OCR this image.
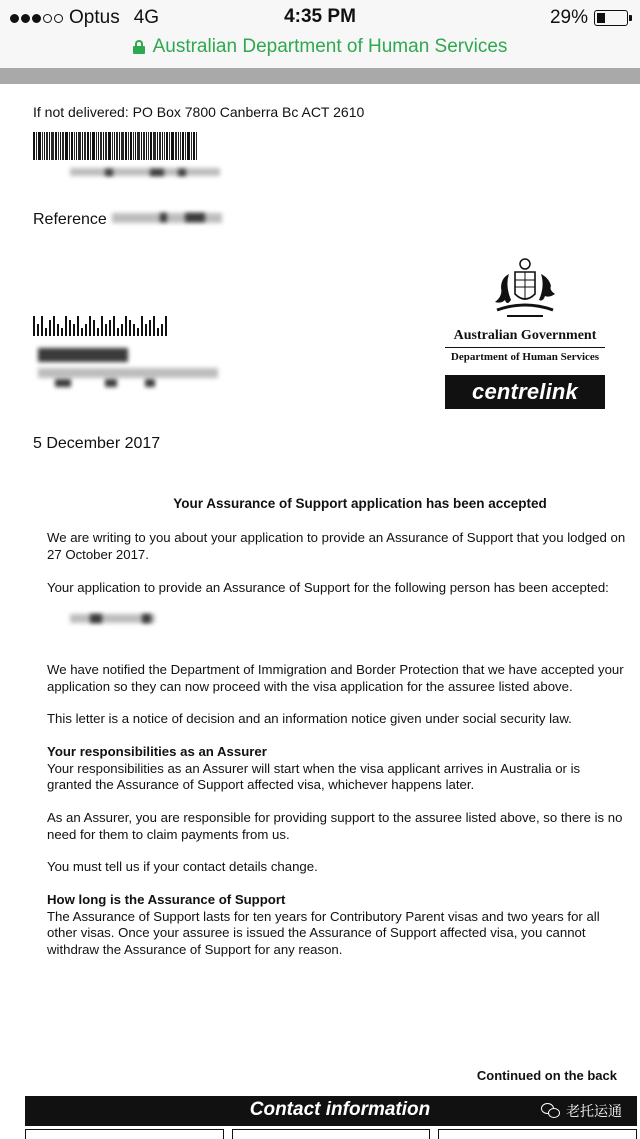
Optus 4G	4:35 PM	29%
Australian Department of Human Services
If not delivered: PO Box 7800 Canberra Bc ACT 2610
Reference
Australian Government
Department of Human Services
centrelink
5 December 2017
Your Assurance of Support application has been accepted
We are writing to you about your application to provide an Assurance of Support that you lodged on 27 October 2017.
Your application to provide an Assurance of Support for the following person has been accepted:
We have notified the Department of Immigration and Border Protection that we have accepted your application so they can now proceed with the visa application for the assuree listed above.
This letter is a notice of decision and an information notice given under social security law.
Your responsibilities as an Assurer
Your responsibilities as an Assurer will start when the visa applicant arrives in Australia or is granted the Assurance of Support affected visa, whichever happens later.
As an Assurer, you are responsible for providing support to the assuree listed above, so there is no need for them to claim payments from us.
You must tell us if your contact details change.
How long is the Assurance of Support
The Assurance of Support lasts for ten years for Contributory Parent visas and two years for all other visas. Once your assuree is issued the Assurance of Support affected visa, you cannot withdraw the Assurance of Support for any reason.
Continued on the back
Contact information	老托运通
